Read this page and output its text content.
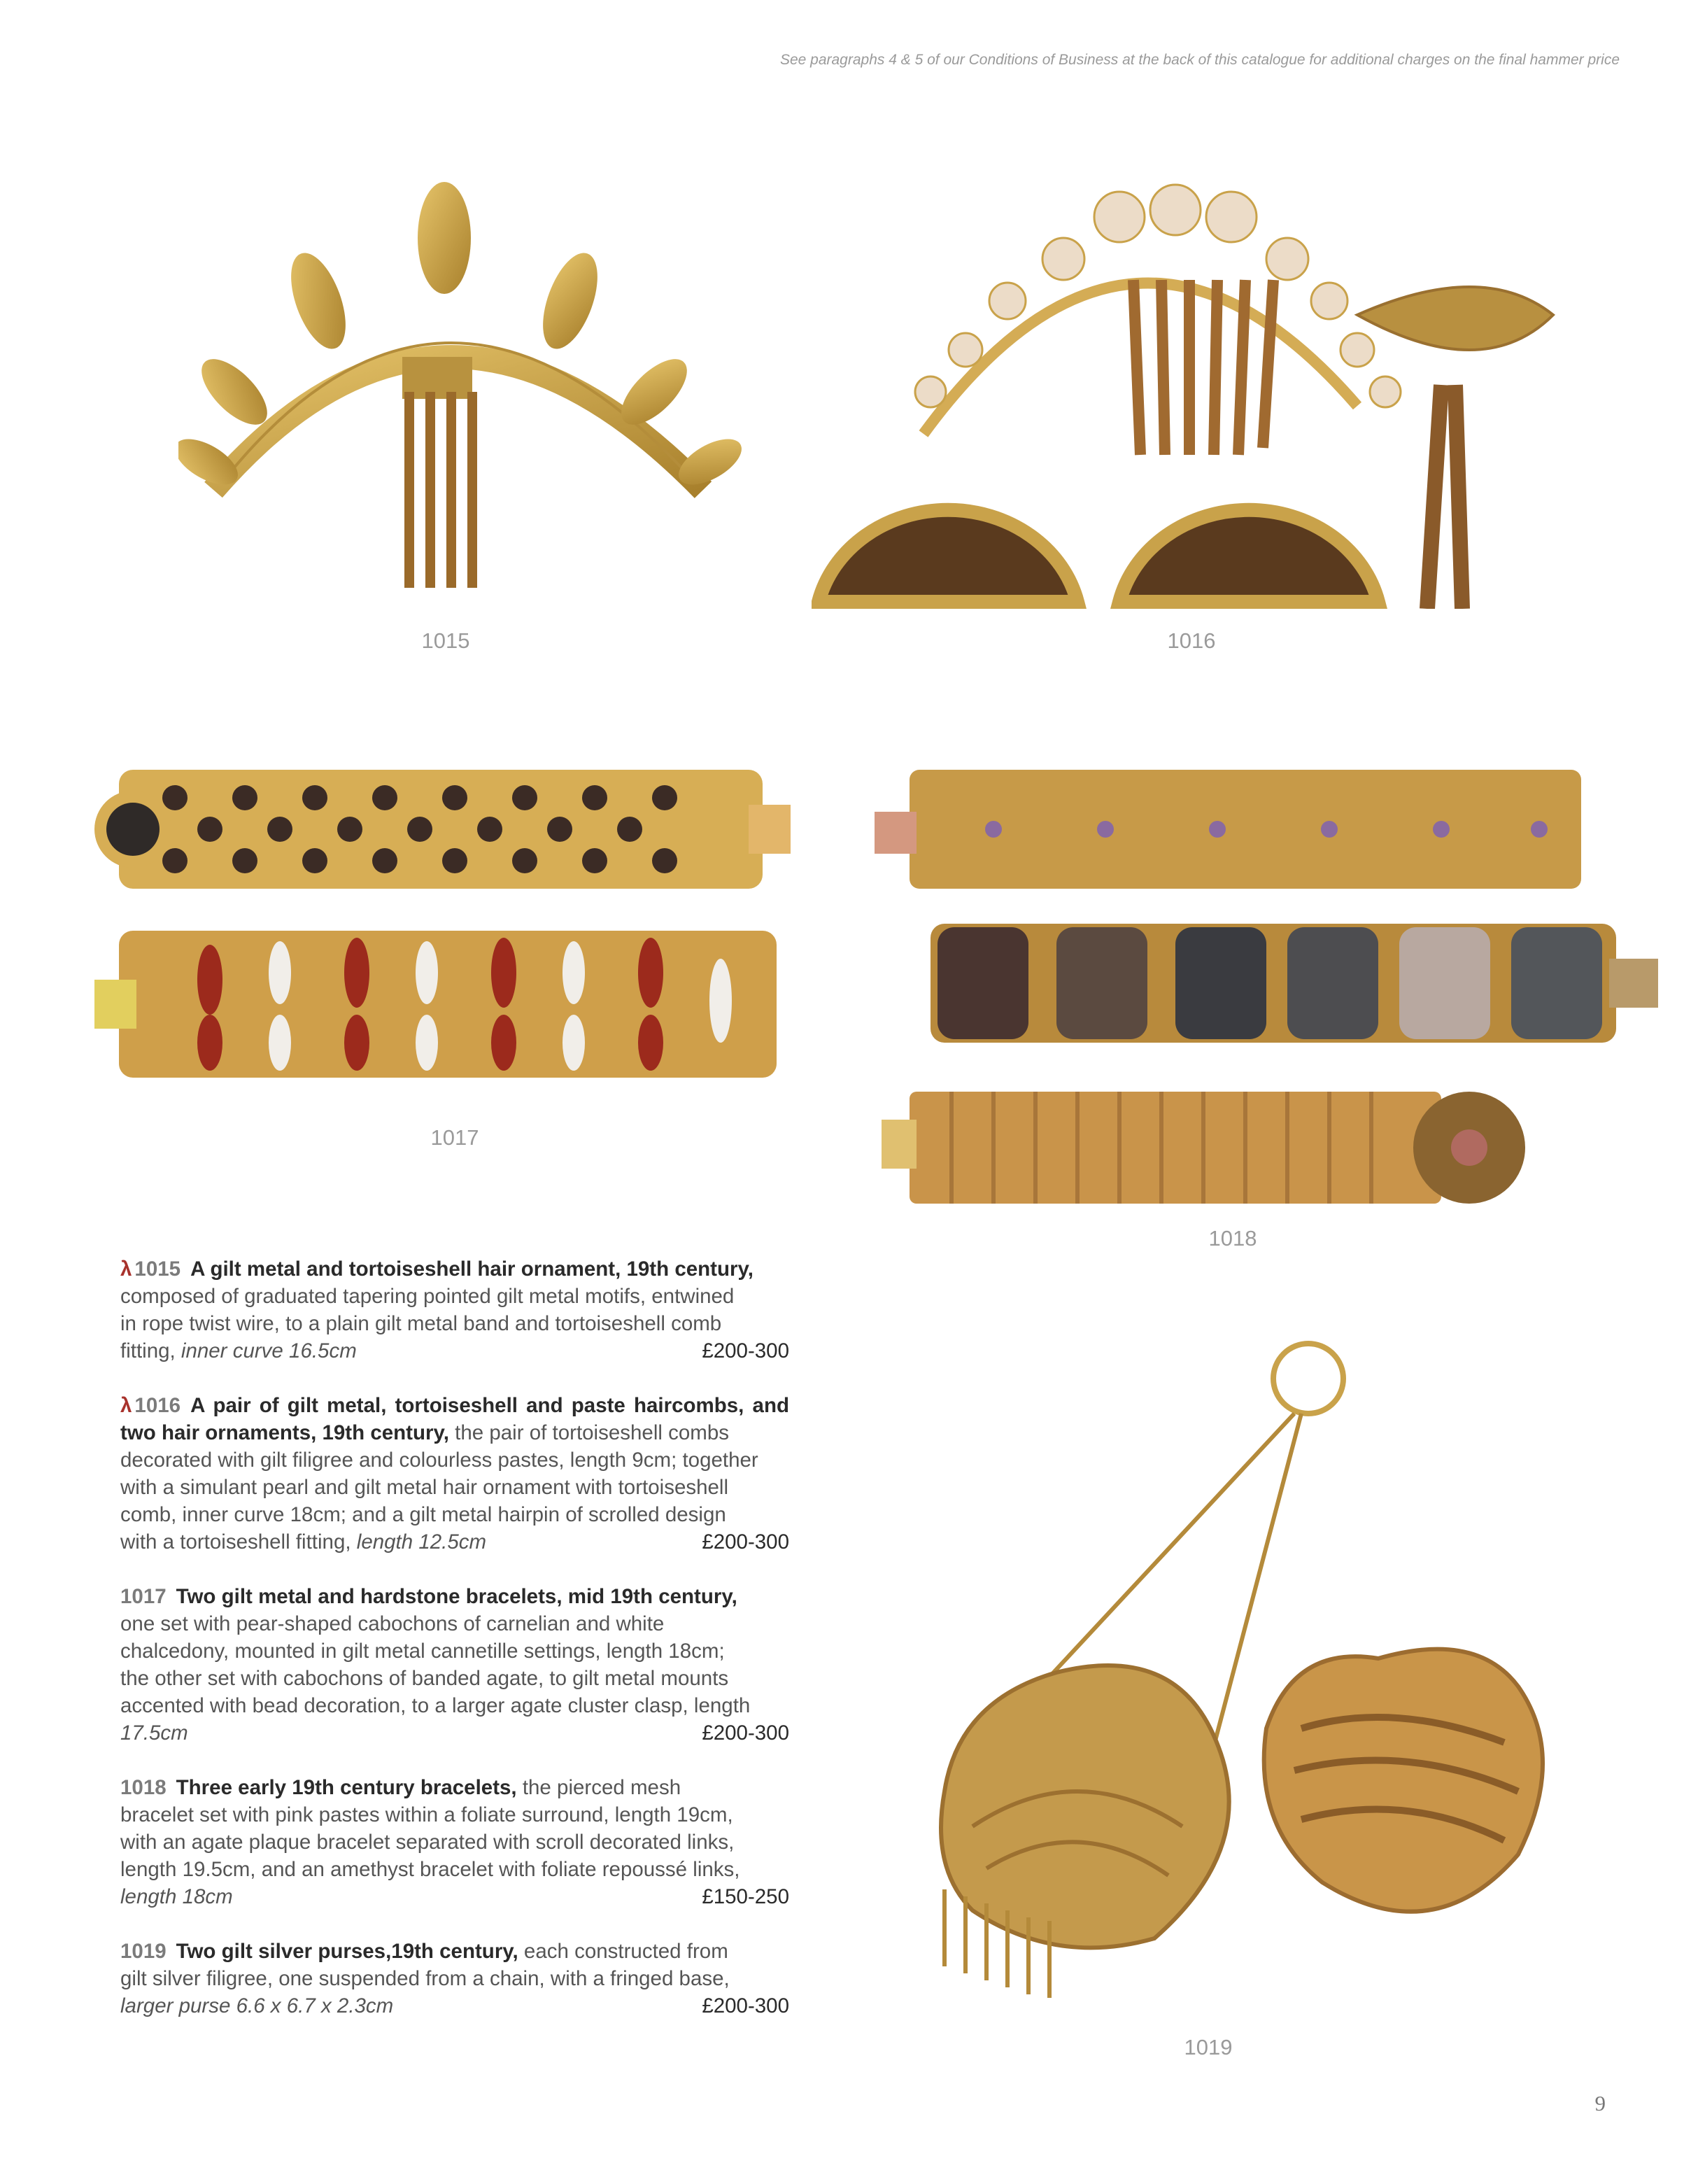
See paragraphs 4 & 5 of our Conditions of Business at the back of this catalogue for additional charges on the final hammer price
1015	1016
1017
1018
1019
λ 1015 A gilt metal and tortoiseshell hair ornament, 19th century,
composed of graduated tapering pointed gilt metal motifs, entwined
in rope twist wire, to a plain gilt metal band and tortoiseshell comb
fitting, inner curve 16.5cm	£200-300
λ 1016 A pair of gilt metal, tortoiseshell and paste haircombs, and two hair ornaments, 19th century, the pair of tortoiseshell combs
decorated with gilt filigree and colourless pastes, length 9cm; together
with a simulant pearl and gilt metal hair ornament with tortoiseshell
comb, inner curve 18cm; and a gilt metal hairpin of scrolled design
with a tortoiseshell fitting, length 12.5cm	£200-300
1017 Two gilt metal and hardstone bracelets, mid 19th century,
one set with pear-shaped cabochons of carnelian and white
chalcedony, mounted in gilt metal cannetille settings, length 18cm;
the other set with cabochons of banded agate, to gilt metal mounts
accented with bead decoration, to a larger agate cluster clasp, length
17.5cm	£200-300
1018 Three early 19th century bracelets, the pierced mesh
bracelet set with pink pastes within a foliate surround, length 19cm,
with an agate plaque bracelet separated with scroll decorated links,
length 19.5cm, and an amethyst bracelet with foliate repoussé links,
length 18cm	£150-250
1019 Two gilt silver purses,19th century, each constructed from
gilt silver filigree, one suspended from a chain, with a fringed base,
larger purse 6.6 x 6.7 x 2.3cm	£200-300
9
